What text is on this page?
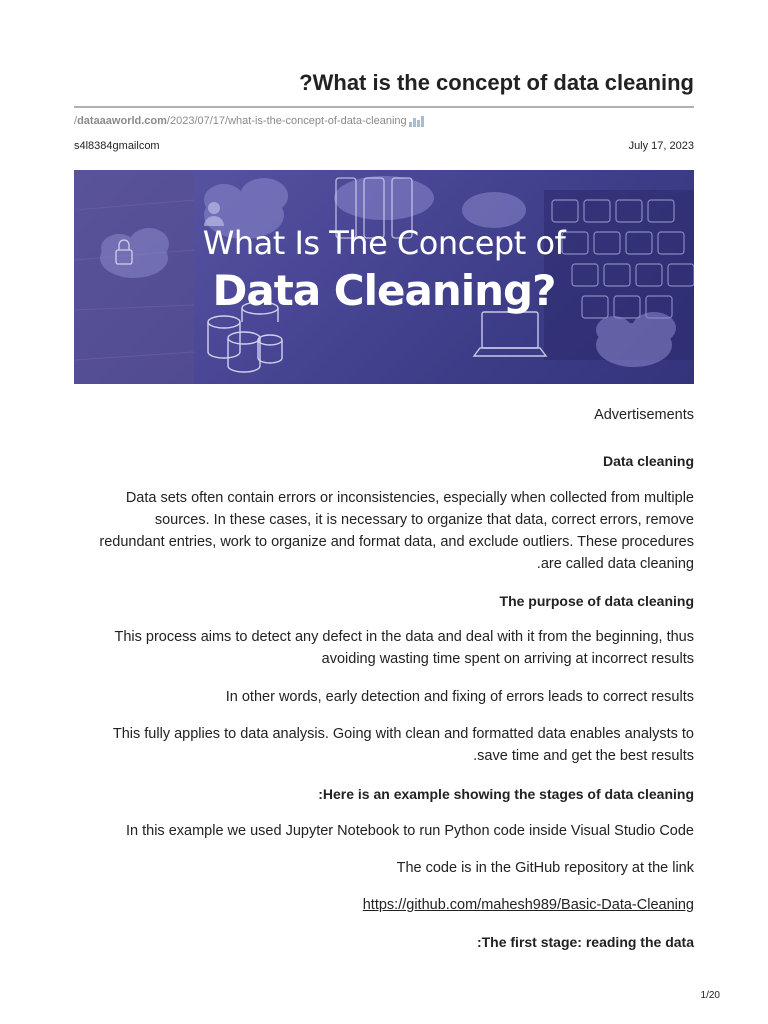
?What is the concept of data cleaning
/ dataaaworld.com /2023/07/17/what-is-the-concept-of-data-cleaning
s4l8384gmailcom	July 17, 2023
What Is The Concept of
Data Cleaning?

Advertisements

Data cleaning

Data sets often contain errors or inconsistencies, especially when collected from multiple

sources. In these cases, it is necessary to organize that data, correct errors, remove

redundant entries, work to organize and format data, and exclude outliers. These procedures

.are called data cleaning

The purpose of data cleaning

This process aims to detect any defect in the data and deal with it from the beginning, thus

avoiding wasting time spent on arriving at incorrect results

In other words, early detection and fixing of errors leads to correct results

This fully applies to data analysis. Going with clean and formatted data enables analysts to

.save time and get the best results

:Here is an example showing the stages of data cleaning

In this example we used Jupyter Notebook to run Python code inside Visual Studio Code

The code is in the GitHub repository at the link

https://github.com/mahesh989/Basic-Data-Cleaning

:The first stage: reading the data

1/20
